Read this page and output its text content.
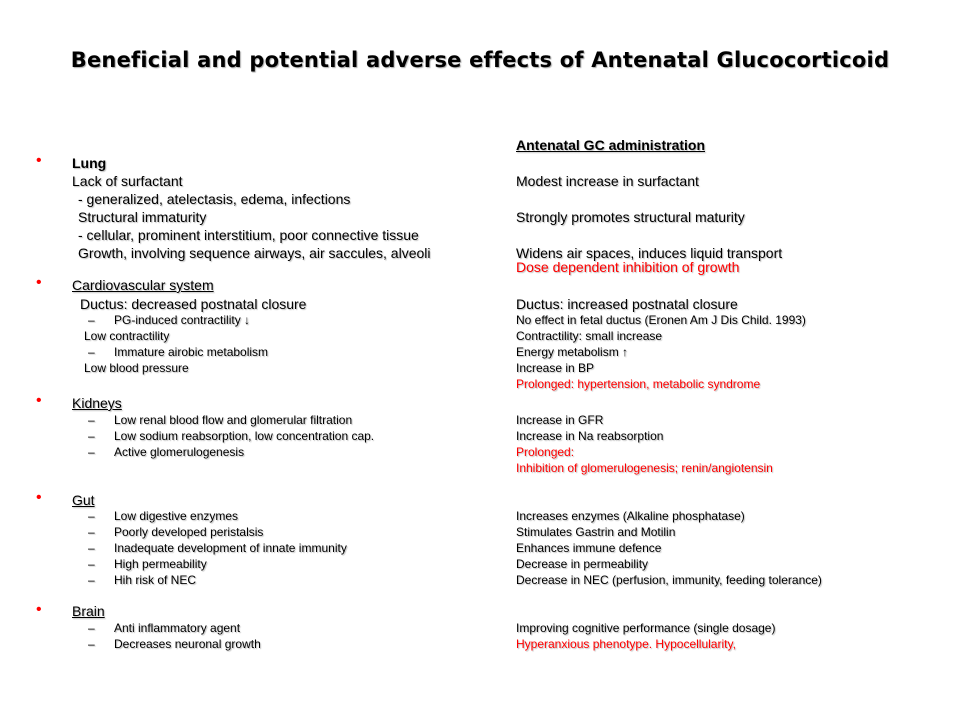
Beneficial and potential adverse effects of Antenatal Glucocorticoid
Antenatal GC administration
• Lung
Lack of surfactant
- generalized, atelectasis, edema, infections
Structural immaturity
- cellular, prominent interstitium, poor connective tissue
Growth, involving sequence airways, air saccules, alveoli
Modest increase in surfactant
Strongly promotes structural maturity
Widens air spaces, induces liquid transport
Dose dependent inhibition of growth
• Cardiovascular system
Ductus: decreased postnatal closure
– PG-induced contractility ↓
Low contractility
– Immature airobic metabolism
Low blood pressure
Ductus: increased postnatal closure
No effect in fetal ductus (Eronen Am J Dis Child. 1993)
Contractility: small increase
Energy metabolism ↑
Increase in BP
Prolonged: hypertension, metabolic syndrome
• Kidneys
– Low renal blood flow and glomerular filtration
– Low sodium reabsorption, low concentration cap.
– Active glomerulogenesis
Increase in GFR
Increase in Na reabsorption
Prolonged:
Inhibition of glomerulogenesis; renin/angiotensin
• Gut
– Low digestive enzymes
– Poorly developed peristalsis
– Inadequate development of innate immunity
– High permeability
– Hih risk of NEC
Increases enzymes (Alkaline phosphatase)
Stimulates Gastrin and Motilin
Enhances immune defence
Decrease in permeability
Decrease in NEC (perfusion, immunity, feeding tolerance)
• Brain
– Anti inflammatory agent
– Decreases neuronal growth
Improving cognitive performance (single dosage)
Hyperanxious phenotype. Hypocellularity,
